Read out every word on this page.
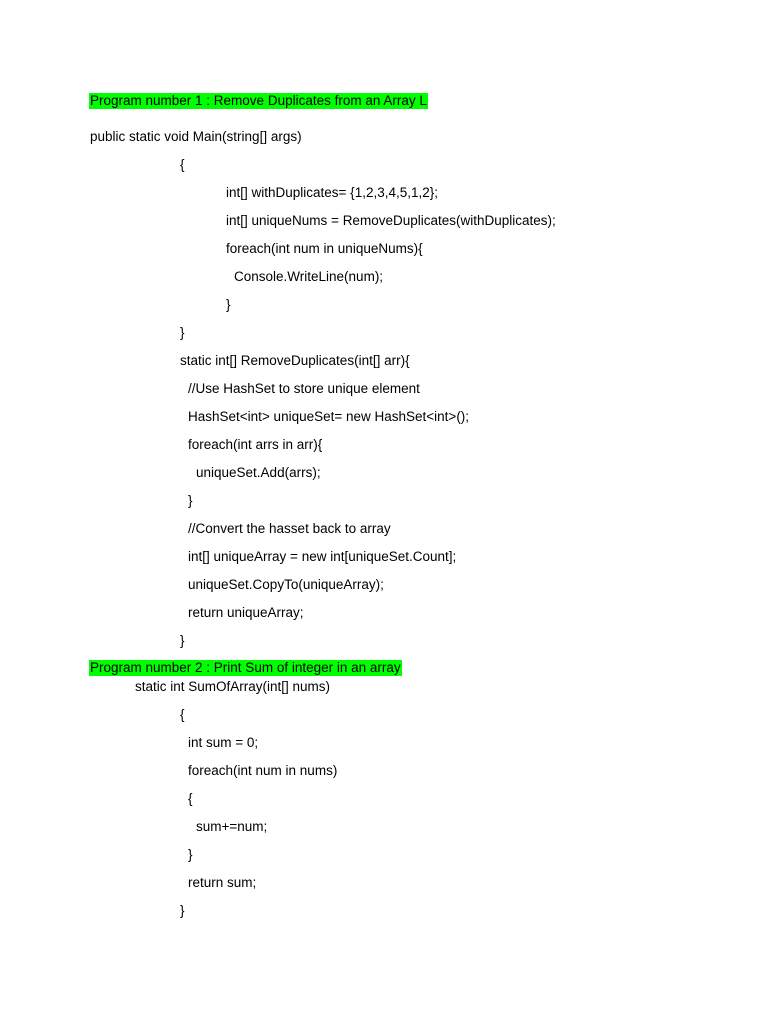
Program number 1 : Remove Duplicates from an Array L
public static void Main(string[] args)
{
int[] withDuplicates= {1,2,3,4,5,1,2};
int[] uniqueNums = RemoveDuplicates(withDuplicates);
foreach(int num in uniqueNums){
Console.WriteLine(num);
}
}
static int[] RemoveDuplicates(int[] arr){
//Use HashSet to store unique element
HashSet<int> uniqueSet= new HashSet<int>();
foreach(int arrs in arr){
uniqueSet.Add(arrs);
}
//Convert the hasset back to array
int[] uniqueArray = new int[uniqueSet.Count];
uniqueSet.CopyTo(uniqueArray);
return uniqueArray;
}
Program number 2 : Print Sum of integer in an array
static int SumOfArray(int[] nums)
{
int sum = 0;
foreach(int num in nums)
{
sum+=num;
}
return sum;
}
